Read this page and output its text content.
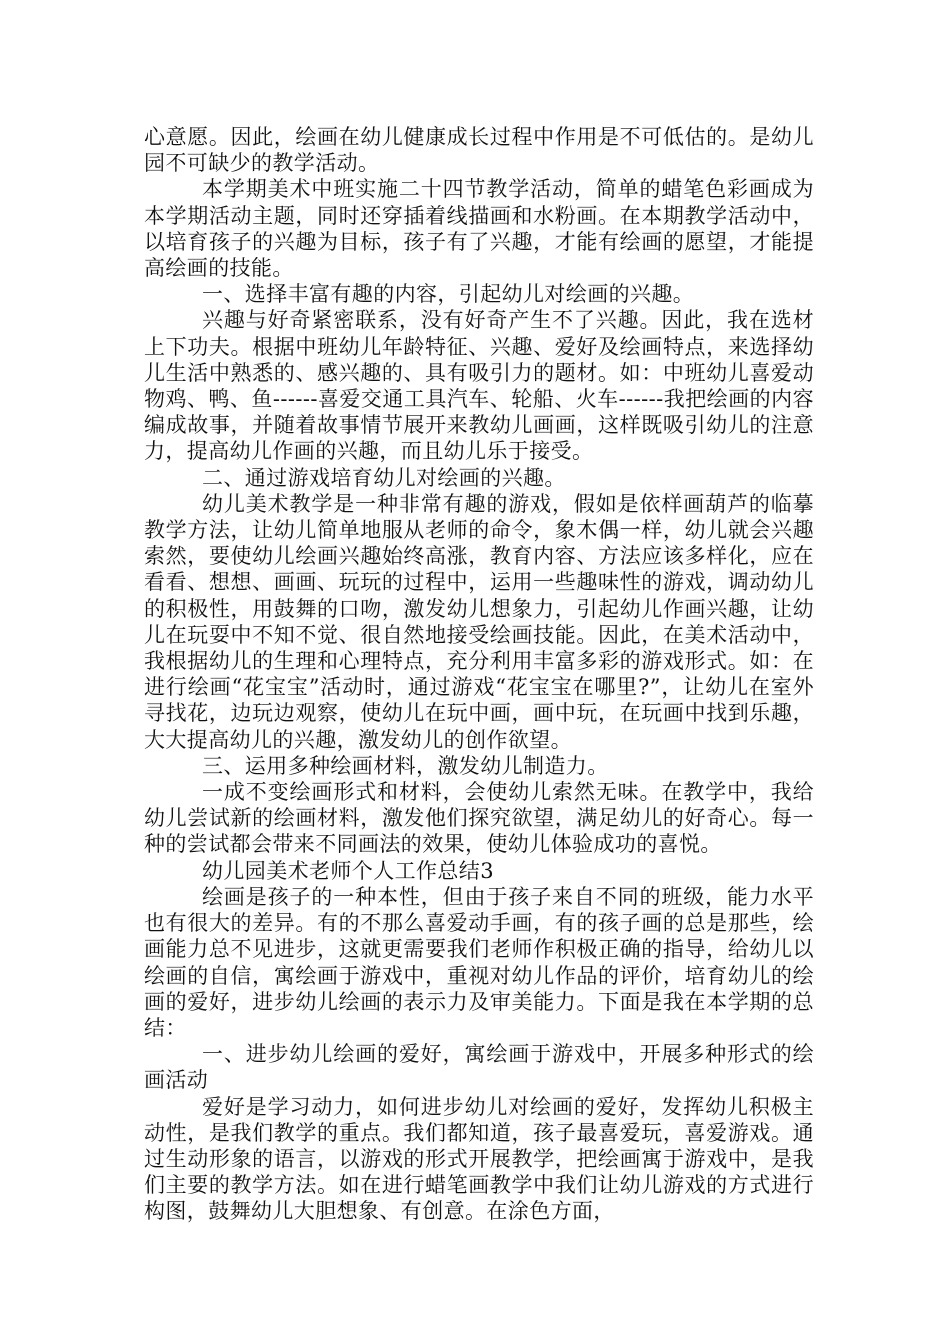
心意愿。因此，绘画在幼儿健康成长过程中作用是不可低估的。是幼儿园不可缺少的教学活动。

本学期美术中班实施二十四节教学活动，简单的蜡笔色彩画成为本学期活动主题，同时还穿插着线描画和水粉画。在本期教学活动中，以培育孩子的兴趣为目标，孩子有了兴趣，才能有绘画的愿望，才能提高绘画的技能。

一、选择丰富有趣的内容，引起幼儿对绘画的兴趣。

兴趣与好奇紧密联系，没有好奇产生不了兴趣。因此，我在选材上下功夫。根据中班幼儿年龄特征、兴趣、爱好及绘画特点，来选择幼儿生活中熟悉的、感兴趣的、具有吸引力的题材。如：中班幼儿喜爱动物鸡、鸭、鱼------喜爱交通工具汽车、轮船、火车------我把绘画的内容编成故事，并随着故事情节展开来教幼儿画画，这样既吸引幼儿的注意力，提高幼儿作画的兴趣，而且幼儿乐于接受。

二、通过游戏培育幼儿对绘画的兴趣。

幼儿美术教学是一种非常有趣的游戏，假如是依样画葫芦的临摹教学方法，让幼儿简单地服从老师的命令，象木偶一样，幼儿就会兴趣索然，要使幼儿绘画兴趣始终高涨，教育内容、方法应该多样化，应在看看、想想、画画、玩玩的过程中，运用一些趣味性的游戏，调动幼儿的积极性，用鼓舞的口吻，激发幼儿想象力，引起幼儿作画兴趣，让幼儿在玩耍中不知不觉、很自然地接受绘画技能。因此，在美术活动中，我根据幼儿的生理和心理特点，充分利用丰富多彩的游戏形式。如：在进行绘画“花宝宝”活动时，通过游戏“花宝宝在哪里?”，让幼儿在室外寻找花，边玩边观察，使幼儿在玩中画，画中玩，在玩画中找到乐趣，大大提高幼儿的兴趣，激发幼儿的创作欲望。

三、运用多种绘画材料，激发幼儿制造力。

一成不变绘画形式和材料，会使幼儿索然无味。在教学中，我给幼儿尝试新的绘画材料，激发他们探究欲望，满足幼儿的好奇心。每一种的尝试都会带来不同画法的效果，使幼儿体验成功的喜悦。

幼儿园美术老师个人工作总结3

绘画是孩子的一种本性，但由于孩子来自不同的班级，能力水平也有很大的差异。有的不那么喜爱动手画，有的孩子画的总是那些，绘画能力总不见进步，这就更需要我们老师作积极正确的指导，给幼儿以绘画的自信，寓绘画于游戏中，重视对幼儿作品的评价，培育幼儿的绘画的爱好，进步幼儿绘画的表示力及审美能力。下面是我在本学期的总结：

一、进步幼儿绘画的爱好，寓绘画于游戏中，开展多种形式的绘画活动

爱好是学习动力，如何进步幼儿对绘画的爱好，发挥幼儿积极主动性，是我们教学的重点。我们都知道，孩子最喜爱玩，喜爱游戏。通过生动形象的语言，以游戏的形式开展教学，把绘画寓于游戏中，是我们主要的教学方法。如在进行蜡笔画教学中我们让幼儿游戏的方式进行构图，鼓舞幼儿大胆想象、有创意。在涂色方面，
